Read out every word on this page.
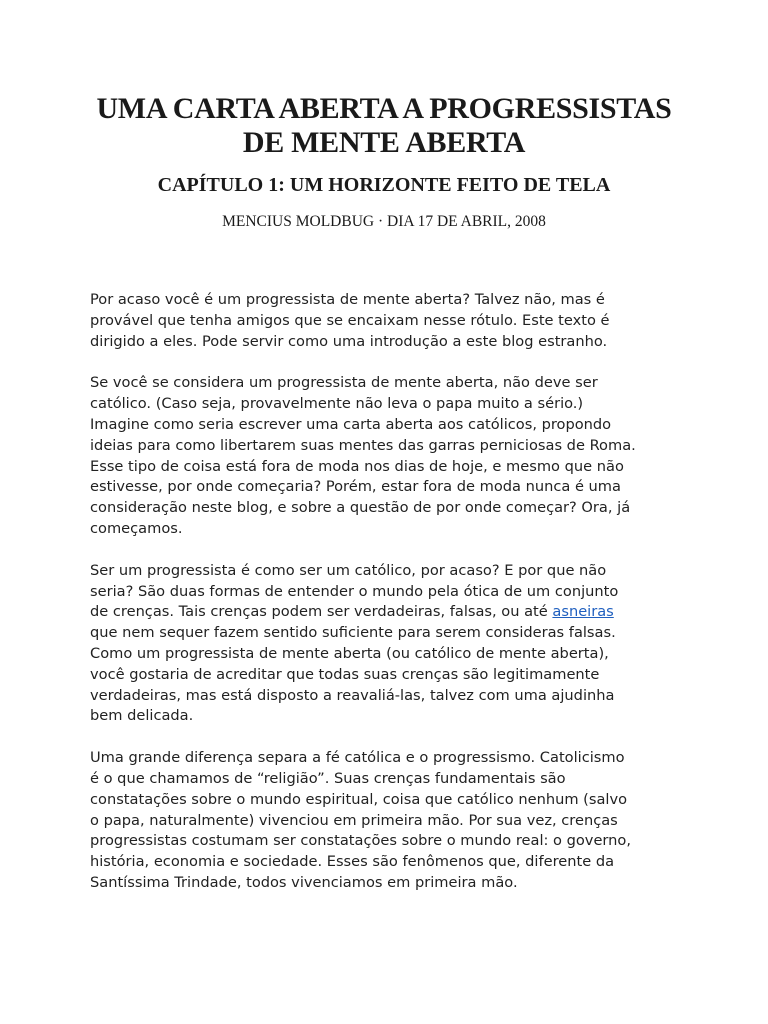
UMA CARTA ABERTA A PROGRESSISTAS
DE MENTE ABERTA
CAPÍTULO 1: UM HORIZONTE FEITO DE TELA
MENCIUS MOLDBUG · DIA 17 DE ABRIL, 2008

Por acaso você é um progressista de mente aberta? Talvez não, mas é
provável que tenha amigos que se encaixam nesse rótulo. Este texto é
dirigido a eles. Pode servir como uma introdução a este blog estranho.

Se você se considera um progressista de mente aberta, não deve ser
católico. (Caso seja, provavelmente não leva o papa muito a sério.)
Imagine como seria escrever uma carta aberta aos católicos, propondo
ideias para como libertarem suas mentes das garras perniciosas de Roma.
Esse tipo de coisa está fora de moda nos dias de hoje, e mesmo que não
estivesse, por onde começaria? Porém, estar fora de moda nunca é uma
consideração neste blog, e sobre a questão de por onde começar? Ora, já
começamos.

Ser um progressista é como ser um católico, por acaso? E por que não
seria? São duas formas de entender o mundo pela ótica de um conjunto
de crenças. Tais crenças podem ser verdadeiras, falsas, ou até asneiras
que nem sequer fazem sentido suficiente para serem consideras falsas.
Como um progressista de mente aberta (ou católico de mente aberta),
você gostaria de acreditar que todas suas crenças são legitimamente
verdadeiras, mas está disposto a reavaliá-las, talvez com uma ajudinha
bem delicada.

Uma grande diferença separa a fé católica e o progressismo. Catolicismo
é o que chamamos de “religião”. Suas crenças fundamentais são
constatações sobre o mundo espiritual, coisa que católico nenhum (salvo
o papa, naturalmente) vivenciou em primeira mão. Por sua vez, crenças
progressistas costumam ser constatações sobre o mundo real: o governo,
história, economia e sociedade. Esses são fenômenos que, diferente da
Santíssima Trindade, todos vivenciamos em primeira mão.
